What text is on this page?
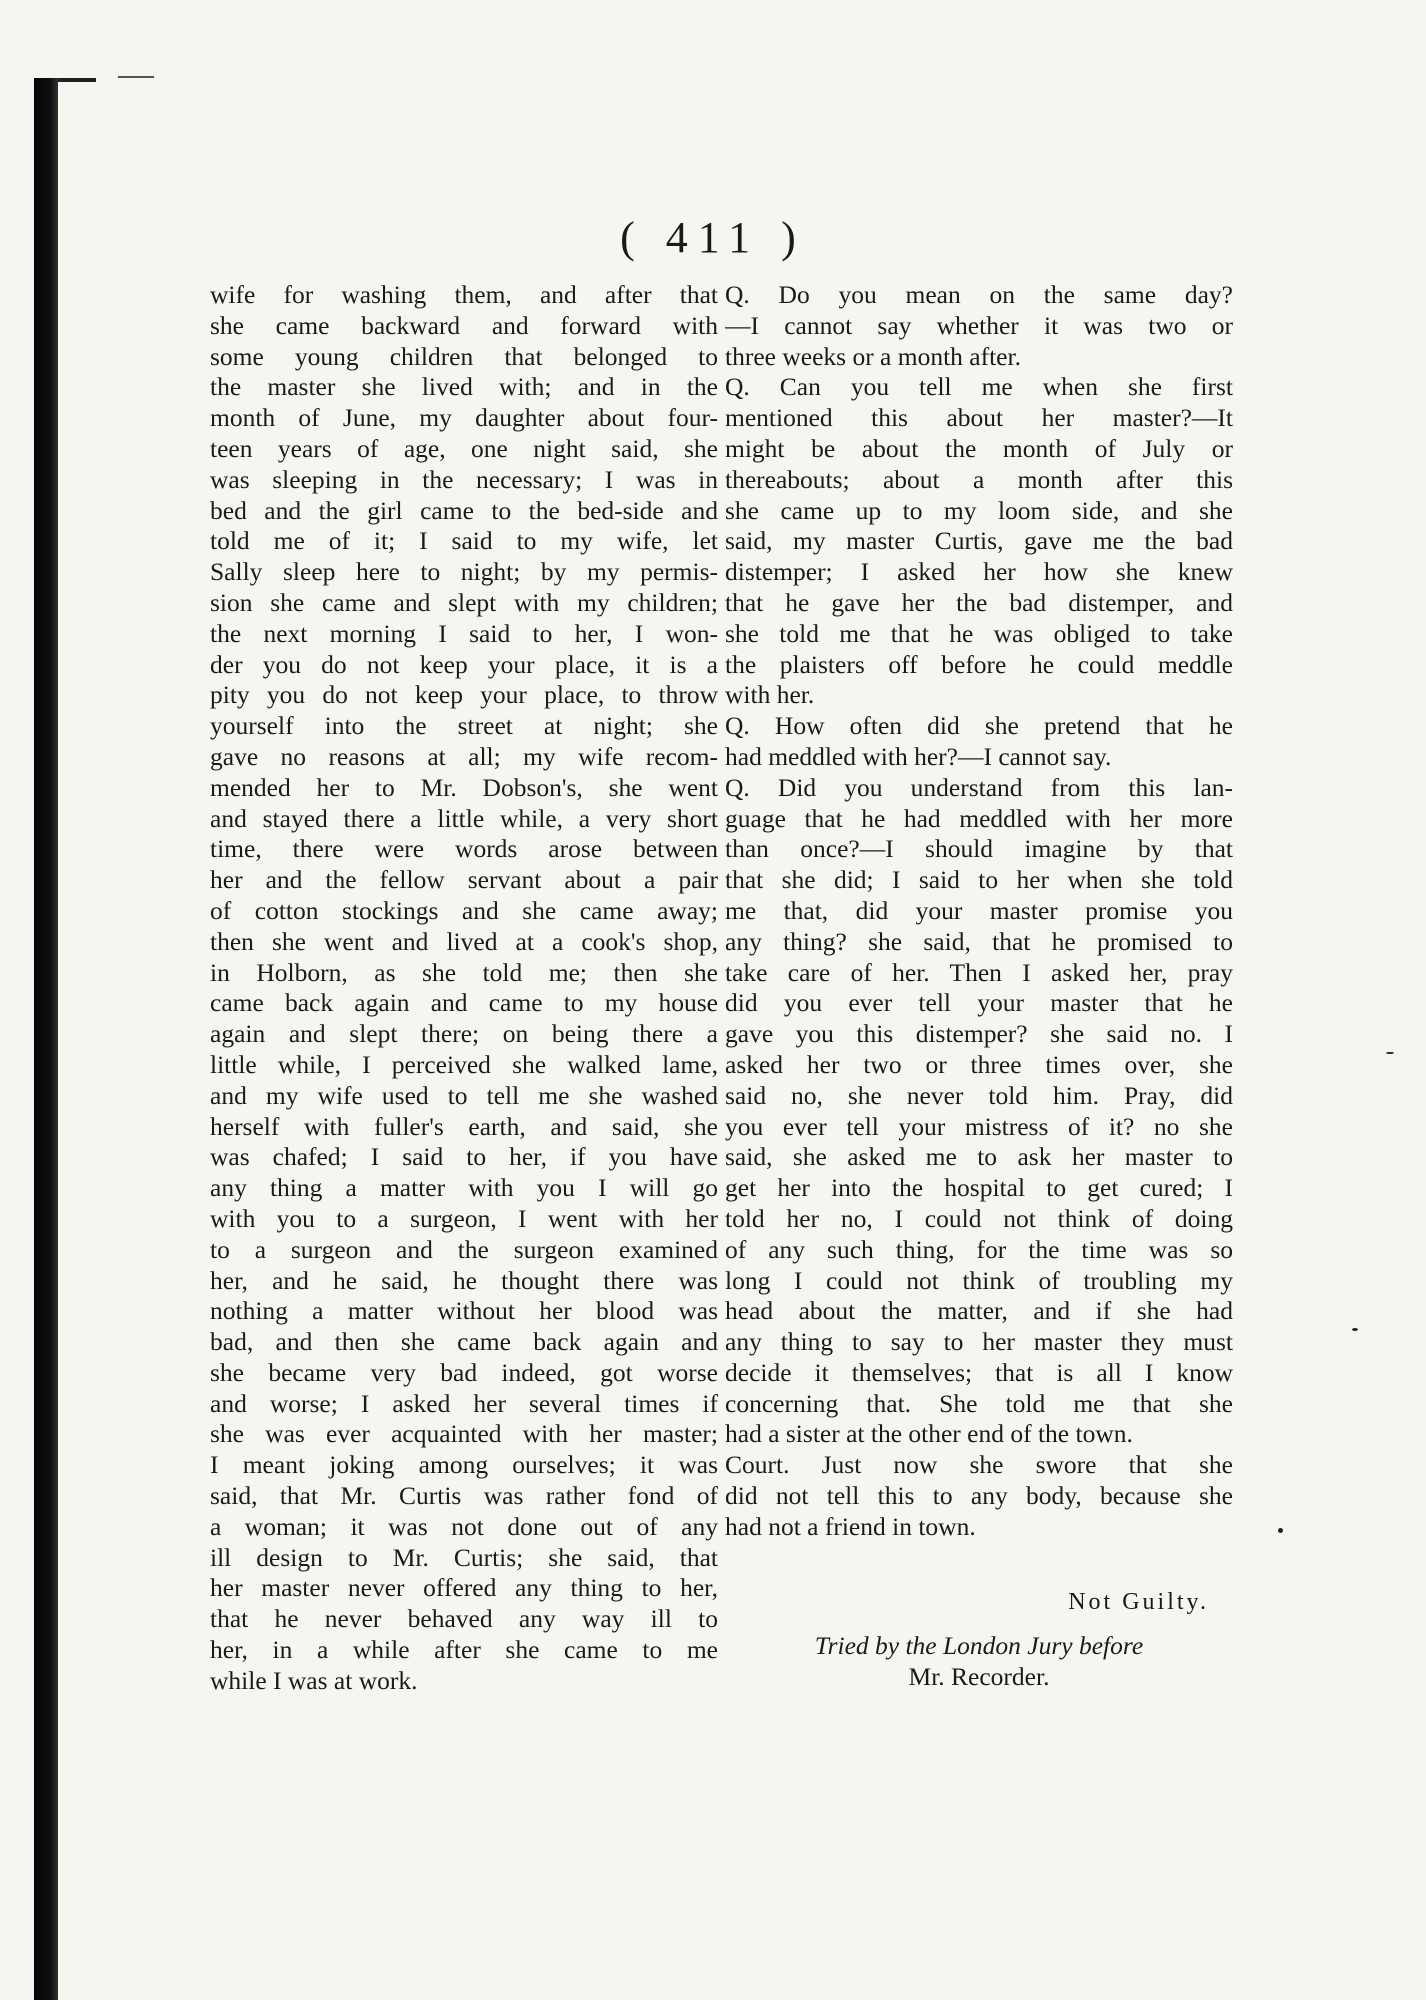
( 411 )
wife for washing them, and after that
she came backward and forward with
some young children that belonged to
the master she lived with; and in the
month of June, my daughter about four-
teen years of age, one night said, she
was sleeping in the necessary; I was in
bed and the girl came to the bed-side and
told me of it; I said to my wife, let
Sally sleep here to night; by my permis-
sion she came and slept with my children;
the next morning I said to her, I won-
der you do not keep your place, it is a
pity you do not keep your place, to throw
yourself into the street at night; she
gave no reasons at all; my wife recom-
mended her to Mr. Dobson's, she went
and stayed there a little while, a very short
time, there were words arose between
her and the fellow servant about a pair
of cotton stockings and she came away;
then she went and lived at a cook's shop,
in Holborn, as she told me; then she
came back again and came to my house
again and slept there; on being there a
little while, I perceived she walked lame,
and my wife used to tell me she washed
herself with fuller's earth, and said, she
was chafed; I said to her, if you have
any thing a matter with you I will go
with you to a surgeon, I went with her
to a surgeon and the surgeon examined
her, and he said, he thought there was
nothing a matter without her blood was
bad, and then she came back again and
she became very bad indeed, got worse
and worse; I asked her several times if
she was ever acquainted with her master;
I meant joking among ourselves; it was
said, that Mr. Curtis was rather fond of
a woman; it was not done out of any
ill design to Mr. Curtis; she said, that
her master never offered any thing to her,
that he never behaved any way ill to
her, in a while after she came to me
while I was at work.
Q. Do you mean on the same day?
—I cannot say whether it was two or
three weeks or a month after.
Q. Can you tell me when she first
mentioned this about her master?—It
might be about the month of July or
thereabouts; about a month after this
she came up to my loom side, and she
said, my master Curtis, gave me the bad
distemper; I asked her how she knew
that he gave her the bad distemper, and
she told me that he was obliged to take
the plaisters off before he could meddle
with her.
Q. How often did she pretend that he
had meddled with her?—I cannot say.
Q. Did you understand from this lan-
guage that he had meddled with her more
than once?—I should imagine by that
that she did; I said to her when she told
me that, did your master promise you
any thing? she said, that he promised to
take care of her. Then I asked her, pray
did you ever tell your master that he
gave you this distemper? she said no. I
asked her two or three times over, she
said no, she never told him. Pray, did
you ever tell your mistress of it? no she
said, she asked me to ask her master to
get her into the hospital to get cured; I
told her no, I could not think of doing
of any such thing, for the time was so
long I could not think of troubling my
head about the matter, and if she had
any thing to say to her master they must
decide it themselves; that is all I know
concerning that. She told me that she
had a sister at the other end of the town.
Court. Just now she swore that she
did not tell this to any body, because she
had not a friend in town.
Not Guilty.
Tried by the London Jury before
Mr. Recorder.
